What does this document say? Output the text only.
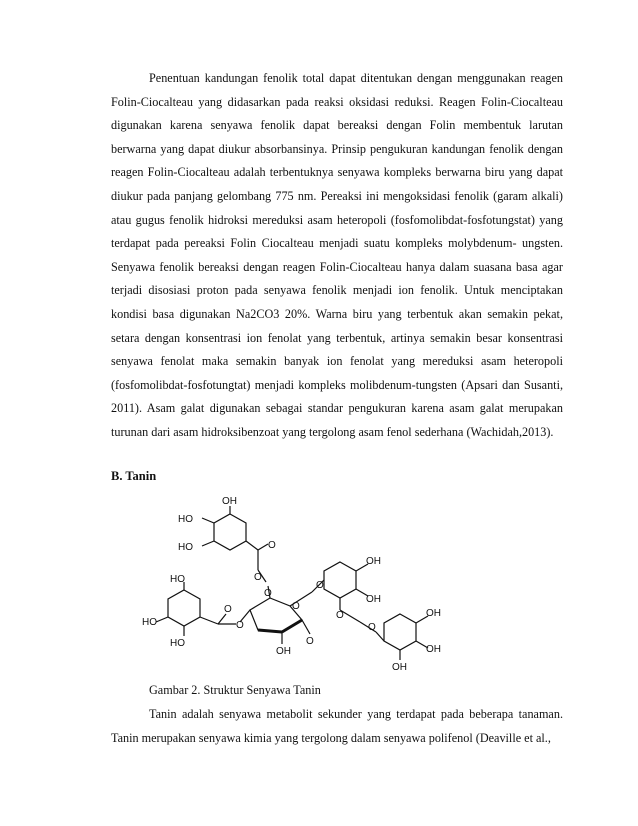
Penentuan kandungan fenolik total dapat ditentukan dengan menggunakan reagen Folin-Ciocalteau yang didasarkan pada reaksi oksidasi reduksi. Reagen Folin-Ciocalteau digunakan karena senyawa fenolik dapat bereaksi dengan Folin membentuk larutan berwarna yang dapat diukur absorbansinya. Prinsip pengukuran kandungan fenolik dengan reagen Folin-Ciocalteau adalah terbentuknya senyawa kompleks berwarna biru yang dapat diukur pada panjang gelombang 775 nm. Pereaksi ini mengoksidasi fenolik (garam alkali) atau gugus fenolik hidroksi mereduksi asam heteropoli (fosfomolibdat-fosfotungstat) yang terdapat pada pereaksi Folin Ciocalteau menjadi suatu kompleks molybdenum- ungsten. Senyawa fenolik bereaksi dengan reagen Folin-Ciocalteau hanya dalam suasana basa agar terjadi disosiasi proton pada senyawa fenolik menjadi ion fenolik. Untuk menciptakan kondisi basa digunakan Na2CO3 20%. Warna biru yang terbentuk akan semakin pekat, setara dengan konsentrasi ion fenolat yang terbentuk, artinya semakin besar konsentrasi senyawa fenolat maka semakin banyak ion fenolat yang mereduksi asam heteropoli (fosfomolibdat-fosfotungtat) menjadi kompleks molibdenum-tungsten (Apsari dan Susanti, 2011). Asam galat digunakan sebagai standar pengukuran karena asam galat merupakan turunan dari asam hidroksibenzoat yang tergolong asam fenol sederhana (Wachidah,2013).

B. Tanin

OH
HO
HO	O
O
HO
HO
HO
O
O
O
O
OH
O
O
OH
OH
O
O
OH
OH
OH

Gambar 2. Struktur Senyawa Tanin

Tanin adalah senyawa metabolit sekunder yang terdapat pada beberapa tanaman. Tanin merupakan senyawa kimia yang tergolong dalam senyawa polifenol (Deaville et al.,
